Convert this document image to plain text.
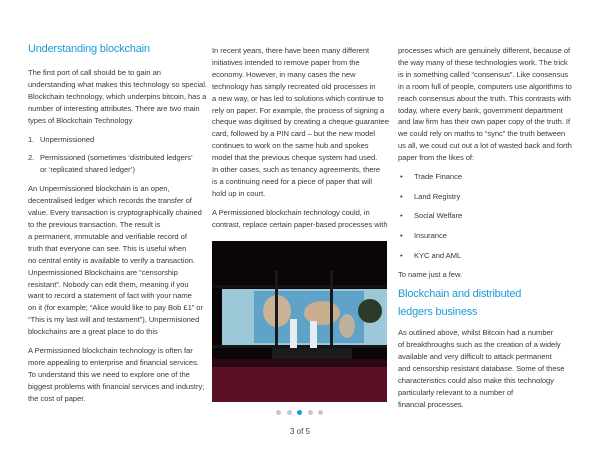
Understanding blockchain
The first port of call should be to gain an
understanding what makes this technology so special.
Blockchain technology, which underpins bitcoin, has a
number of interesting attributes. There are two main
types of Blockchain Technology
1. Unpermissioned
2. Permissioned (sometimes ‘distributed ledgers’
or ‘replicated shared ledger’)
An Unpermissioned blockchain is an open,
decentralised ledger which records the transfer of
value. Every transaction is cryptographically chained
to the previous transaction. The result is
a permanent, immutable and verifiable record of
truth that everyone can see. This is useful when
no central entity is available to verify a transaction.
Unpermissioned Blockchains are “censorship
resistant”. Nobody can edit them, meaning if you
want to record a statement of fact with your name
on it (for example; “Alice would like to pay Bob £1” or
“This is my last will and testament”), Unpermisioned
blockchains are a great place to do this
A Permissioned blockchain technology is often far
more appealing to enterprise and financial services.
To understand this we need to explore one of the
biggest problems with financial services and industry;
the cost of paper.
In recent years, there have been many different
initiatives intended to remove paper from the
economy. However, in many cases the new
technology has simply recreated old processes in
a new way, or has led to solutions which continue to
rely on paper. For example, the process of signing a
cheque was digitised by creating a cheque guarantee
card, followed by a PIN card – but the new model
continues to work on the same hub and spokes
model that the previous cheque system had used.
In other cases, such as tenancy agreements, there
is a continuing need for a piece of paper that will
hold up in court.
A Permissioned blockchain technology could, in
contrast, replace certain paper-based processes with
processes which are genuinely different, because of
the way many of these technologies work. The trick
is in something called “consensus”. Like consensus
in a room full of people, computers use algorithms to
reach consensus about the truth. This contrasts with
today, where every bank, government department
and law firm has their own paper copy of the truth. If
we could rely on maths to “sync” the truth between
us all, we coud cut out a lot of wasted back and forth
paper from the likes of:
•	Trade Finance
•	Land Registry
•	Social Welfare
•	Insurance
•	KYC and AML
To name just a few.
Blockchain and distributed
ledgers business
As outlined above, whilst Bitcoin had a number
of breakthroughs such as the creation of a widely
available and very difficult to attack permanent
and censorship resistant database. Some of these
characteristics could also make this technology
particularly relevant to a number of
financial processes.
3 of 5
